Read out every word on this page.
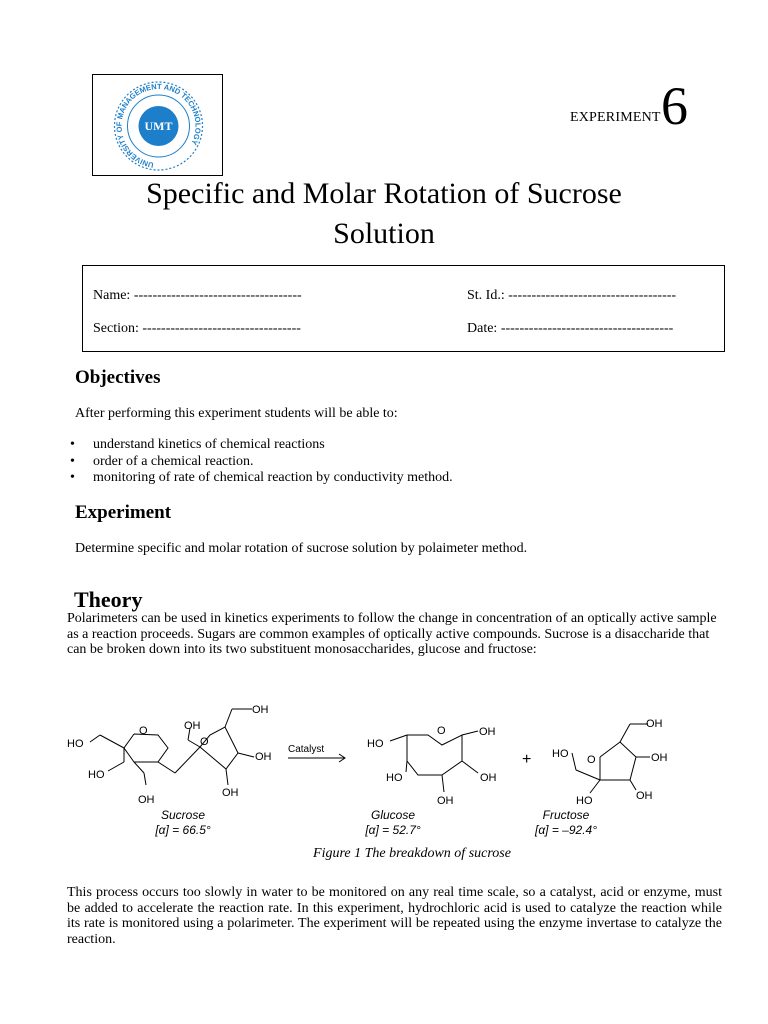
UNIVERSITY OF MANAGEMENT AND TECHNOLOGY
UMT
EXPERIMENT 6
Specific and Molar Rotation of Sucrose
Solution
Name: ------------------------------------	St. Id.: ------------------------------------
Section: ----------------------------------	Date: -------------------------------------
Objectives
After performing this experiment students will be able to:
• understand kinetics of chemical reactions
• order of a chemical reaction.
• monitoring of rate of chemical reaction by conductivity method.
Experiment
Determine specific and molar rotation of sucrose solution by polaimeter method.
Theory
Polarimeters can be used in kinetics experiments to follow the change in concentration of an optically active sample as a reaction proceeds. Sugars are common examples of optically active compounds. Sucrose is a disaccharide that can be broken down into its two substituent monosaccharides, glucose and fructose:
HO
O
HO
OH
OH
O
OH
OH
OH
Catalyst	HO
O	OH
HO	OH
OH
+
OH
HO O	OH
OH
HO
Sucrose
[α] = 66.5°
Glucose
[α] = 52.7°
Fructose
[α] = –92.4°
Figure 1 The breakdown of sucrose
This process occurs too slowly in water to be monitored on any real time scale, so a catalyst, acid or enzyme, must be added to accelerate the reaction rate. In this experiment, hydrochloric acid is used to catalyze the reaction while its rate is monitored using a polarimeter. The experiment will be repeated using the enzyme invertase to catalyze the reaction.
